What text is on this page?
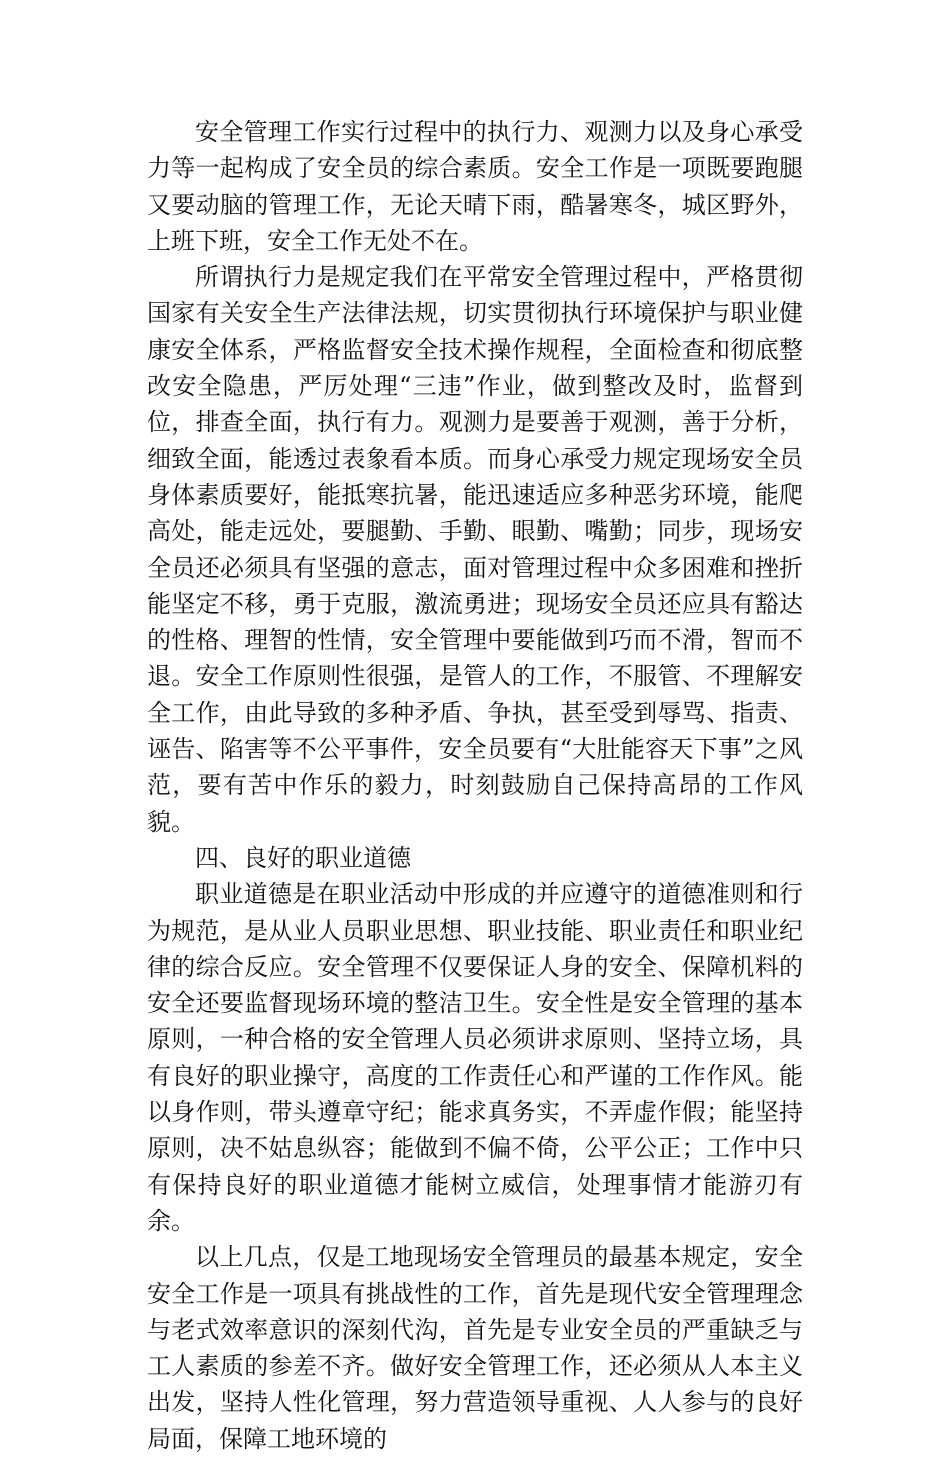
安全管理工作实行过程中的执行力、观测力以及身心承受力等一起构成了安全员的综合素质。安全工作是一项既要跑腿又要动脑的管理工作，无论天晴下雨，酷暑寒冬，城区野外，上班下班，安全工作无处不在。

所谓执行力是规定我们在平常安全管理过程中，严格贯彻国家有关安全生产法律法规，切实贯彻执行环境保护与职业健康安全体系，严格监督安全技术操作规程，全面检查和彻底整改安全隐患，严厉处理“三违”作业，做到整改及时，监督到位，排查全面，执行有力。观测力是要善于观测，善于分析，细致全面，能透过表象看本质。而身心承受力规定现场安全员身体素质要好，能抵寒抗暑，能迅速适应多种恶劣环境，能爬高处，能走远处，要腿勤、手勤、眼勤、嘴勤；同步，现场安全员还必须具有坚强的意志，面对管理过程中众多困难和挫折能坚定不移，勇于克服，激流勇进；现场安全员还应具有豁达的性格、理智的性情，安全管理中要能做到巧而不滑，智而不退。安全工作原则性很强，是管人的工作，不服管、不理解安全工作，由此导致的多种矛盾、争执，甚至受到辱骂、指责、诬告、陷害等不公平事件，安全员要有“大肚能容天下事”之风范，要有苦中作乐的毅力，时刻鼓励自己保持高昂的工作风貌。

四、良好的职业道德

职业道德是在职业活动中形成的并应遵守的道德准则和行为规范，是从业人员职业思想、职业技能、职业责任和职业纪律的综合反应。安全管理不仅要保证人身的安全、保障机料的安全还要监督现场环境的整洁卫生。安全性是安全管理的基本原则，一种合格的安全管理人员必须讲求原则、坚持立场，具有良好的职业操守，高度的工作责任心和严谨的工作作风。能以身作则，带头遵章守纪；能求真务实，不弄虚作假；能坚持原则，决不姑息纵容；能做到不偏不倚，公平公正；工作中只有保持良好的职业道德才能树立威信，处理事情才能游刃有余。

以上几点，仅是工地现场安全管理员的最基本规定，安全安全工作是一项具有挑战性的工作，首先是现代安全管理理念与老式效率意识的深刻代沟，首先是专业安全员的严重缺乏与工人素质的参差不齐。做好安全管理工作，还必须从人本主义出发，坚持人性化管理，努力营造领导重视、人人参与的良好局面，保障工地环境的
